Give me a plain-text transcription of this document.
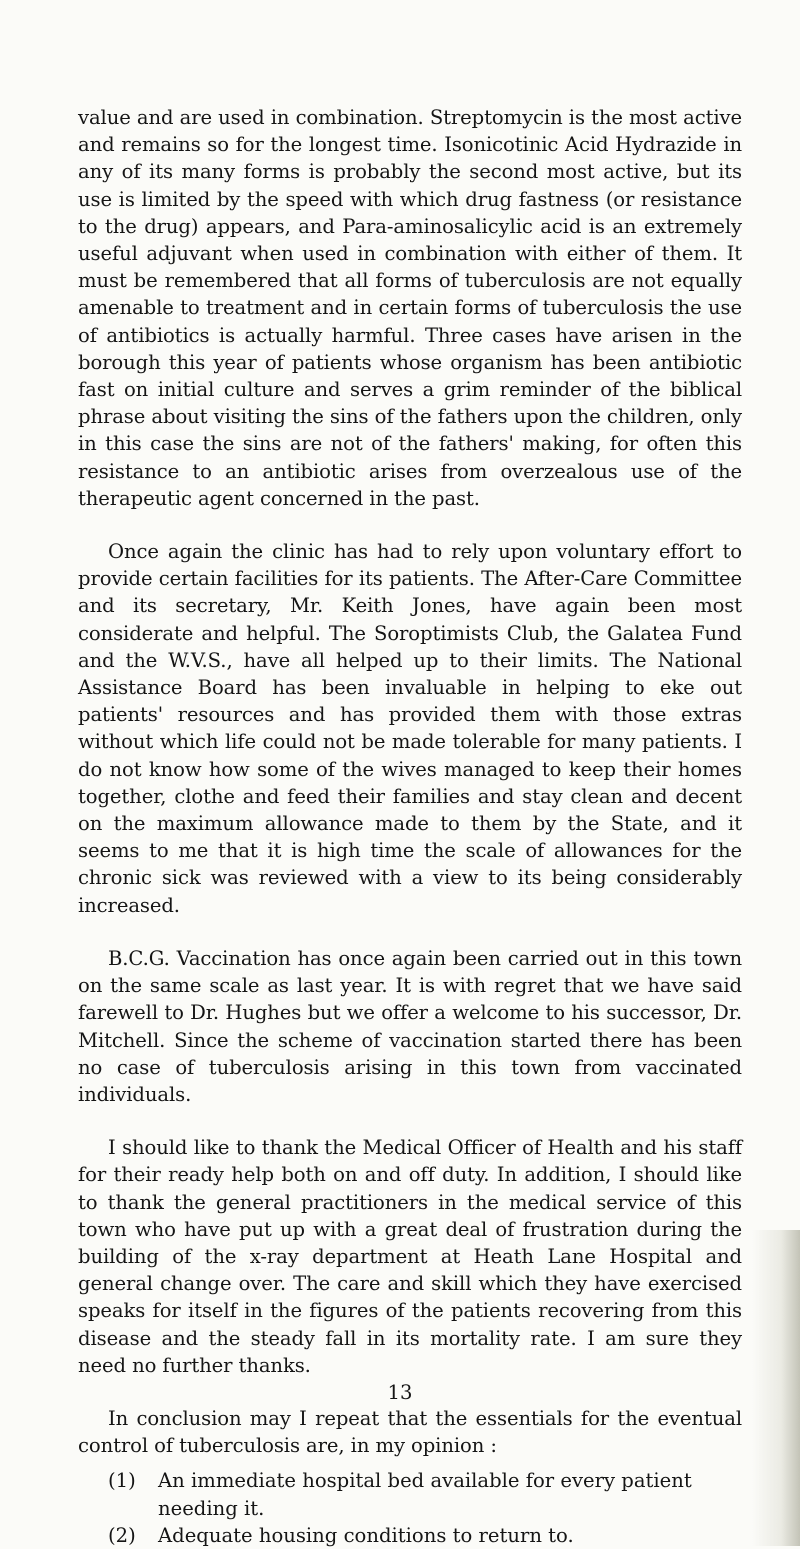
value and are used in combination. Streptomycin is the most active and remains so for the longest time. Isonicotinic Acid Hydrazide in any of its many forms is probably the second most active, but its use is limited by the speed with which drug fastness (or resistance to the drug) appears, and Para-aminosalicylic acid is an extremely useful adjuvant when used in combination with either of them. It must be remembered that all forms of tuberculosis are not equally amenable to treatment and in certain forms of tuberculosis the use of antibiotics is actually harmful. Three cases have arisen in the borough this year of patients whose organism has been antibiotic fast on initial culture and serves a grim reminder of the biblical phrase about visiting the sins of the fathers upon the children, only in this case the sins are not of the fathers' making, for often this resistance to an antibiotic arises from overzealous use of the therapeutic agent concerned in the past.

Once again the clinic has had to rely upon voluntary effort to provide certain facilities for its patients. The After-Care Committee and its secretary, Mr. Keith Jones, have again been most considerate and helpful. The Soroptimists Club, the Galatea Fund and the W.V.S., have all helped up to their limits. The National Assistance Board has been invaluable in helping to eke out patients' resources and has provided them with those extras without which life could not be made tolerable for many patients. I do not know how some of the wives managed to keep their homes together, clothe and feed their families and stay clean and decent on the maximum allowance made to them by the State, and it seems to me that it is high time the scale of allowances for the chronic sick was reviewed with a view to its being considerably increased.

B.C.G. Vaccination has once again been carried out in this town on the same scale as last year. It is with regret that we have said farewell to Dr. Hughes but we offer a welcome to his successor, Dr. Mitchell. Since the scheme of vaccination started there has been no case of tuberculosis arising in this town from vaccinated individuals.

I should like to thank the Medical Officer of Health and his staff for their ready help both on and off duty. In addition, I should like to thank the general practitioners in the medical service of this town who have put up with a great deal of frustration during the building of the x-ray department at Heath Lane Hospital and general change over. The care and skill which they have exercised speaks for itself in the figures of the patients recovering from this disease and the steady fall in its mortality rate. I am sure they need no further thanks.

In conclusion may I repeat that the essentials for the eventual control of tuberculosis are, in my opinion :

(1)	An immediate hospital bed available for every patient needing it.
(2)	Adequate housing conditions to return to.
13
